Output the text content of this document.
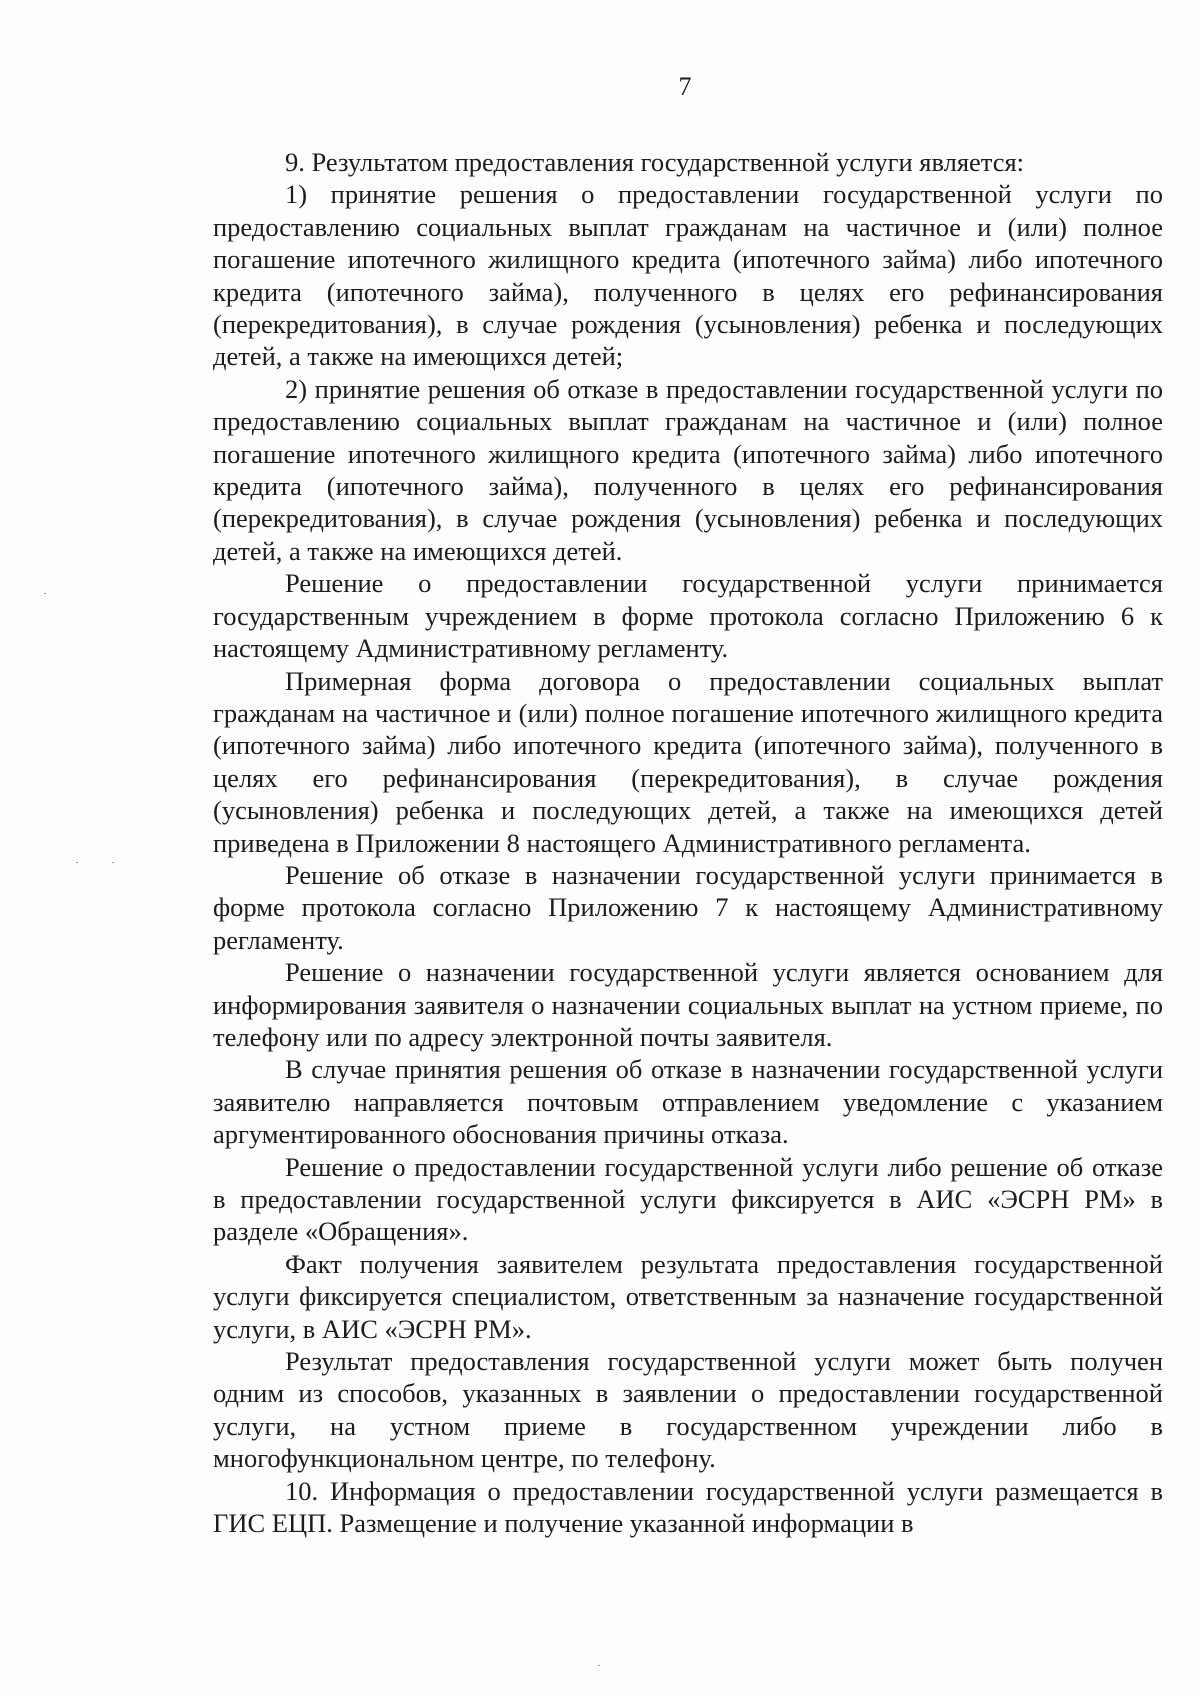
7

9. Результатом предоставления государственной услуги является:

1) принятие решения о предоставлении государственной услуги по предоставлению социальных выплат гражданам на частичное и (или) полное погашение ипотечного жилищного кредита (ипотечного займа) либо ипотечного кредита (ипотечного займа), полученного в целях его рефинансирования (перекредитования), в случае рождения (усыновления) ребенка и последующих детей, а также на имеющихся детей;

2) принятие решения об отказе в предоставлении государственной услуги по предоставлению социальных выплат гражданам на частичное и (или) полное погашение ипотечного жилищного кредита (ипотечного займа) либо ипотечного кредита (ипотечного займа), полученного в целях его рефинансирования (перекредитования), в случае рождения (усыновления) ребенка и последующих детей, а также на имеющихся детей.

Решение о предоставлении государственной услуги принимается государственным учреждением в форме протокола согласно Приложению 6 к настоящему Административному регламенту.

Примерная форма договора о предоставлении социальных выплат гражданам на частичное и (или) полное погашение ипотечного жилищного кредита (ипотечного займа) либо ипотечного кредита (ипотечного займа), полученного в целях его рефинансирования (перекредитования), в случае рождения (усыновления) ребенка и последующих детей, а также на имеющихся детей приведена в Приложении 8 настоящего Административного регламента.

Решение об отказе в назначении государственной услуги принимается в форме протокола согласно Приложению 7 к настоящему Административному регламенту.

Решение о назначении государственной услуги является основанием для информирования заявителя о назначении социальных выплат на устном приеме, по телефону или по адресу электронной почты заявителя.

В случае принятия решения об отказе в назначении государственной услуги заявителю направляется почтовым отправлением уведомление с указанием аргументированного обоснования причины отказа.

Решение о предоставлении государственной услуги либо решение об отказе в предоставлении государственной услуги фиксируется в АИС «ЭСРН РМ» в разделе «Обращения».

Факт получения заявителем результата предоставления государственной услуги фиксируется специалистом, ответственным за назначение государственной услуги, в АИС «ЭСРН РМ».

Результат предоставления государственной услуги может быть получен одним из способов, указанных в заявлении о предоставлении государственной услуги, на устном приеме в государственном учреждении либо в многофункциональном центре, по телефону.

10. Информация о предоставлении государственной услуги размещается в ГИС ЕЦП. Размещение и получение указанной информации в
